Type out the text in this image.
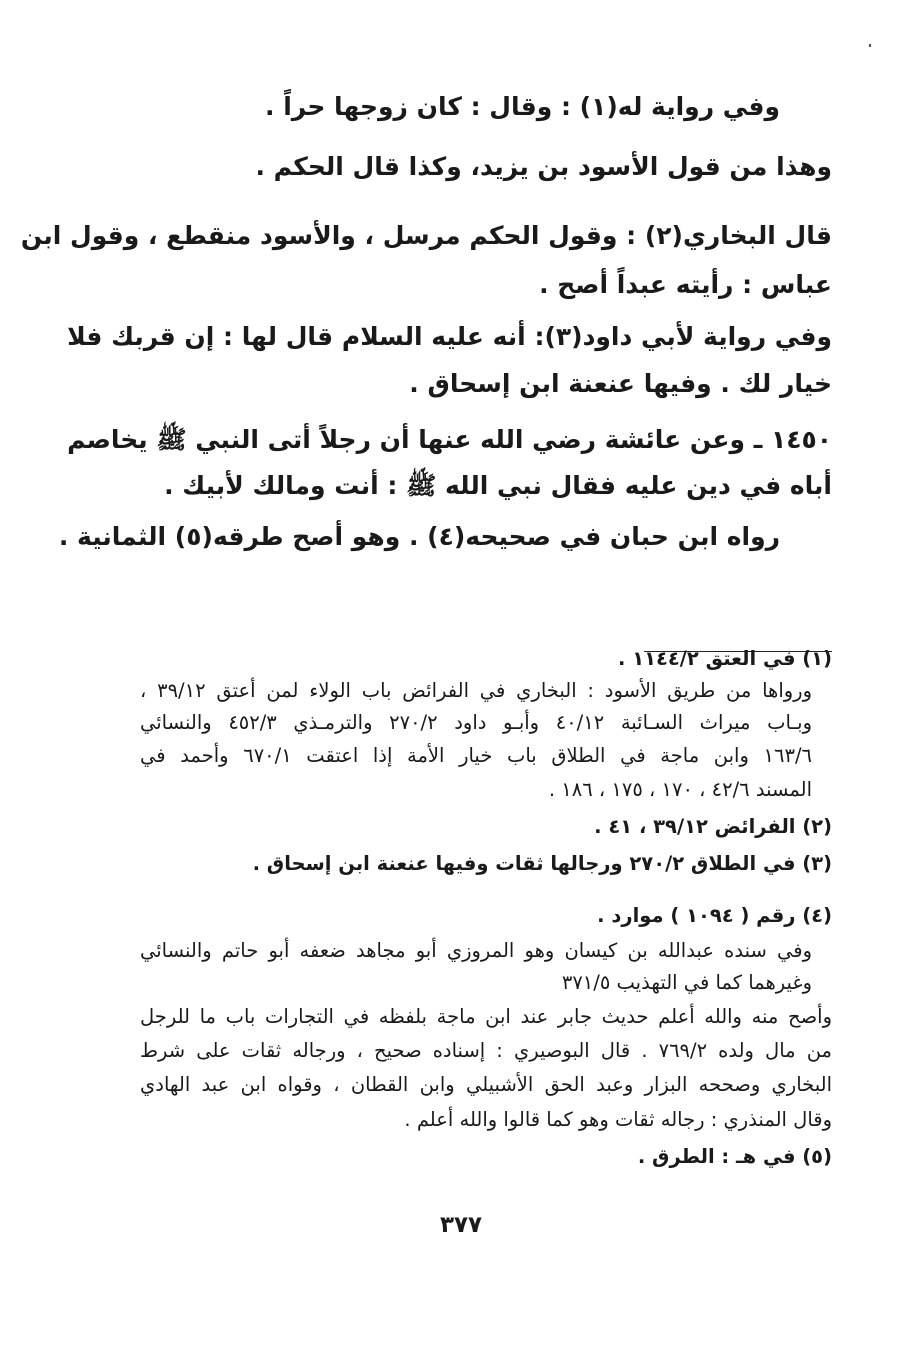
وفي رواية له(١) : وقال : كان زوجها حراً .
وهذا من قول الأسود بن يزيد، وكذا قال الحكم .
قال البخاري(٢) : وقول الحكم مرسل ، والأسود منقطع ، وقول ابن
عباس : رأيته عبداً أصح .
وفي رواية لأبي داود(٣): أنه عليه السلام قال لها : إن قربك فلا
خيار لك . وفيها عنعنة ابن إسحاق .
١٤٥٠ ـ وعن عائشة رضي الله عنها أن رجلاً أتى النبي ﷺ يخاصم
أباه في دين عليه فقال نبي الله ﷺ : أنت ومالك لأبيك .
رواه ابن حبان في صحيحه(٤) . وهو أصح طرقه(٥) الثمانية .
(١) في العتق ١١٤٤/٢ .
ورواها من طريق الأسود : البخاري في الفرائض باب الولاء لمن أعتق ٣٩/١٢ ،
وبـاب ميراث السـائبة ٤٠/١٢ وأبـو داود ٢٧٠/٢ والترمـذي ٤٥٢/٣ والنسائي
١٦٣/٦ وابن ماجة في الطلاق باب خيار الأمة إذا اعتقت ٦٧٠/١ وأحمد في
المسند ٤٢/٦ ، ١٧٠ ، ١٧٥ ، ١٨٦ .
(٢) الفرائض ٣٩/١٢ ، ٤١ .
(٣) في الطلاق ٢٧٠/٢ ورجالها ثقات وفيها عنعنة ابن إسحاق .
(٤) رقم ( ١٠٩٤ ) موارد .
وفي سنده عبدالله بن كيسان وهو المروزي أبو مجاهد ضعفه أبو حاتم والنسائي
وغيرهما كما في التهذيب ٣٧١/٥
وأصح منه والله أعلم حديث جابر عند ابن ماجة بلفظه في التجارات باب ما للرجل
من مال ولده ٧٦٩/٢ . قال البوصيري : إسناده صحيح ، ورجاله ثقات على شرط
البخاري وصححه البزار وعبد الحق الأشبيلي وابن القطان ، وقواه ابن عبد الهادي
وقال المنذري : رجاله ثقات وهو كما قالوا والله أعلم .
(٥) في هـ : الطرق .
٣٧٧
